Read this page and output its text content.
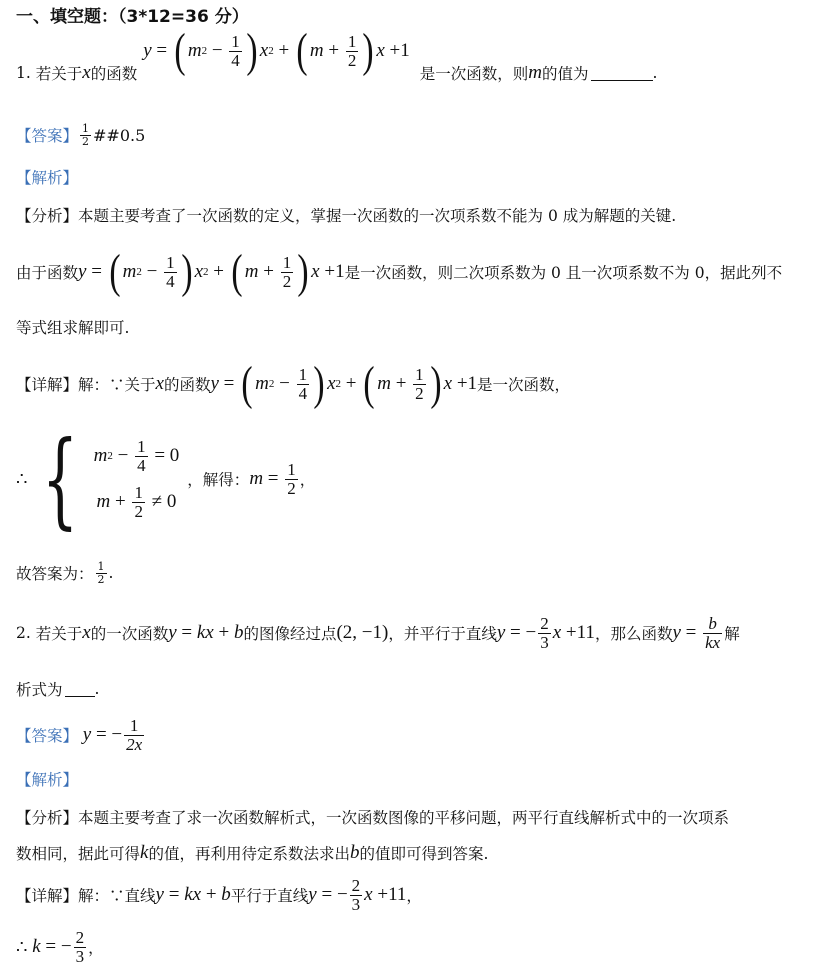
一、填空题：（3*12=36 分）
1.
若关于 x 的函数
y = ( m $2 - \frac{1}{4}$ ) x 2 + ( $m + \frac{1}{2}$ ) x +1
是一次函数，则 m 的值为	.
【答案】 $\frac{1}{2}$ ##0.5
【解析】
【分析】 本题主要考查了一次函数的定义，掌握一次函数的一次项系数不能为 0 成为解题的关键.
由于函数 y = ( m $2 - \frac{1}{4}$ ) x 2 + ( $m + \frac{1}{2}$ ) x +1 是一次函数，则二次项系数为 0 且一次项系数不为 0，据此列不
等式组求解即可.
【详解】 解：∵关于 x 的函数 y = ( m $2 - \frac{1}{4}$ ) x 2 + ( $m + \frac{1}{2}$ ) x +1 是一次函数，
∴ { m $2 - \frac{1}{4} = 0$
$m + \frac{1}{2} \ne 0$
，解得： $m = \frac{1}{2}$ ，
故答案为： $\frac{1}{2}$ .
2.
若关于 x 的一次函数 y = kx + b 的图像经过点 (2, −1) ，并平行于直线 y = − $\frac{2}{3}$ x +11 ，那么函数 $y = \frac{b}{kx}$ 解
析式为 .
【答案】 y = − $\frac{1}{2x}$
【解析】
【分析】 本题主要考查了求一次函数解析式，一次函数图像的平移问题，两平行直线解析式中的一次项系
数相同，据此可得 k 的值，再利用待定系数法求出 b 的值即可得到答案.
【详解】 解：∵直线 y = kx + b 平行于直线 y = − $\frac{2}{3}$ x +11 ，
∴ k = − $\frac{2}{3}$ ，
